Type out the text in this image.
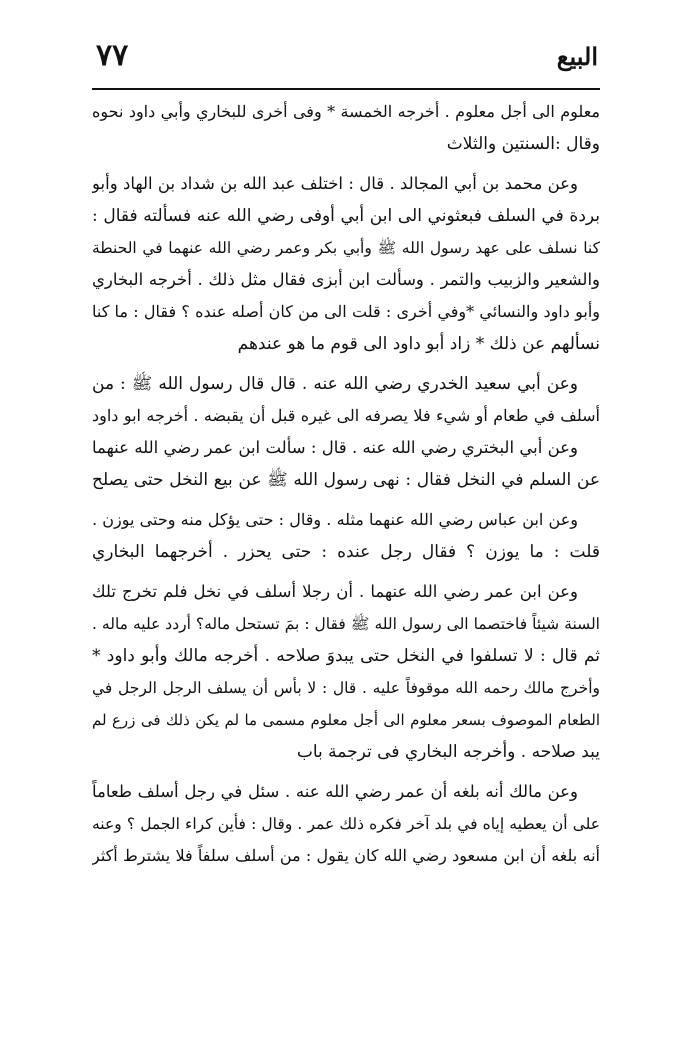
البيع
٧٧
معلوم الى أجل معلوم . أخرجه الخمسة * وفى أخرى للبخاري وأبي داود نحوه
وقال :السنتين والثلاث
وعن محمد بن أبي المجالد . قال : اختلف عبد الله بن شداد بن الهاد وأبو
بردة في السلف فبعثوني الى ابن أبي أوفى رضي الله عنه فسألته فقال :
كنا نسلف على عهد رسول الله ﷺ وأبي بكر وعمر رضي الله عنهما في الحنطة
والشعير والزبيب والتمر . وسألت ابن أبزى فقال مثل ذلك . أخرجه البخاري
وأبو داود والنسائي *وفي أخرى : قلت الى من كان أصله عنده ؟ فقال : ما كنا
نسألهم عن ذلك * زاد أبو داود الى قوم ما هو عندهم
وعن أبي سعيد الخدري رضي الله عنه . قال قال رسول الله ﷺ : من
أسلف في طعام أو شيء فلا يصرفه الى غيره قبل أن يقبضه . أخرجه ابو داود
وعن أبي البختري رضي الله عنه . قال : سألت ابن عمر رضي الله عنهما
عن السلم في النخل فقال : نهى رسول الله ﷺ عن بيع النخل حتى يصلح
وعن ابن عباس رضي الله عنهما مثله . وقال : حتى يؤكل منه وحتى يوزن .
قلت : ما يوزن ؟ فقال رجل عنده : حتى يحزر . أخرجهما البخاري
وعن ابن عمر رضي الله عنهما . أن رجلا أسلف في نخل فلم تخرج تلك
السنة شيئاً فاختصما الى رسول الله ﷺ فقال : بمَ تستحل ماله؟ أردد عليه ماله .
ثم قال : لا تسلفوا في النخل حتى يبدوَ صلاحه . أخرجه مالك وأبو داود *
وأخرج مالك رحمه الله موقوفاً عليه . قال : لا بأس أن يسلف الرجل الرجل في
الطعام الموصوف بسعر معلوم الى أجل معلوم مسمى ما لم يكن ذلك فى زرع لم
يبد صلاحه . وأخرجه البخاري فى ترجمة باب
وعن مالك أنه بلغه أن عمر رضي الله عنه . سئل في رجل أسلف طعاماً
على أن يعطيه إياه في بلد آخر فكره ذلك عمر . وقال : فأين كراء الجمل ؟ وعنه
أنه بلغه أن ابن مسعود رضي الله كان يقول : من أسلف سلفاً فلا يشترط أكثر
